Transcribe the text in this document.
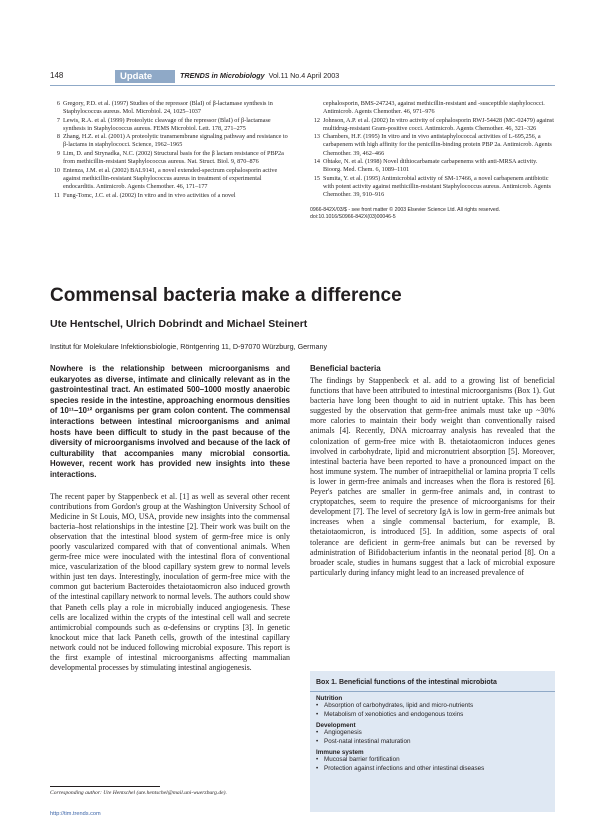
148	Update	TRENDS in Microbiology Vol.11 No.4 April 2003
6 Gregory, P.D. et al. (1997) Studies of the repressor (BlaI) of β-lactamase synthesis in Staphylococcus aureus. Mol. Microbiol. 24, 1025–1037
7 Lewis, R.A. et al. (1999) Proteolytic cleavage of the repressor (BlaI) of β-lactamase synthesis in Staphylococcus aureus. FEMS Microbiol. Lett. 178, 271–275
8 Zhang, H.Z. et al. (2001) A proteolytic transmembrane signaling pathway and resistance to β-lactams in staphylococci. Science, 1962–1965
9 Lim, D. and Strynadka, N.C. (2002) Structural basis for the β lactam resistance of PBP2a from methicillin-resistant Staphylococcus aureus. Nat. Struct. Biol. 9, 870–876
10 Entenza, J.M. et al. (2002) BAL9141, a novel extended-spectrum cephalosporin active against methicillin-resistant Staphylococcus aureus in treatment of experimental endocarditis. Antimicrob. Agents Chemother. 46, 171–177
11 Fung-Tomc, J.C. et al. (2002) In vitro and in vivo activities of a novel
cephalosporin, BMS-247243, against methicillin-resistant and -susceptible staphylococci. Antimicrob. Agents Chemother. 46, 971–976
12 Johnson, A.P. et al. (2002) In vitro activity of cephalosporin RWJ-54428 (MC-02479) against multidrug-resistant Gram-positive cocci. Antimicrob. Agents Chemother. 46, 321–326
13 Chambers, H.F. (1995) In vitro and in vivo antistaphylococcal activities of L-695,256, a carbapenem with high affinity for the penicillin-binding protein PBP 2a. Antimicrob. Agents Chemother. 39, 462–466
14 Ohtake, N. et al. (1998) Novel dithiocarbamate carbapenems with anti-MRSA activity. Bioorg. Med. Chem. 6, 1089–1101
15 Sumita, Y. et al. (1995) Antimicrobial activity of SM-17466, a novel carbapenem antibiotic with potent activity against methicillin-resistant Staphylococcus aureus. Antimicrob. Agents Chemother. 39, 910–916
0966-842X/03/$ - see front matter © 2003 Elsevier Science Ltd. All rights reserved.
doi:10.1016/S0966-842X(03)00046-5
Commensal bacteria make a difference
Ute Hentschel, Ulrich Dobrindt and Michael Steinert
Institut für Molekulare Infektionsbiologie, Röntgenring 11, D-97070 Würzburg, Germany

Nowhere is the relationship between microorganisms and eukaryotes as diverse, intimate and clinically relevant as in the gastrointestinal tract. An estimated 500–1000 mostly anaerobic species reside in the intestine, approaching enormous densities of 10¹¹–10¹² organisms per gram colon content. The commensal interactions between intestinal microorganisms and animal hosts have been difficult to study in the past because of the diversity of microorganisms involved and because of the lack of culturability that accompanies many microbial consortia. However, recent work has provided new insights into these interactions.

The recent paper by Stappenbeck et al. [1] as well as several other recent contributions from Gordon's group at the Washington University School of Medicine in St Louis, MO, USA, provide new insights into the commensal bacteria–host relationships in the intestine [2]. Their work was built on the observation that the intestinal blood system of germ-free mice is only poorly vascularized compared with that of conventional animals. When germ-free mice were inoculated with the intestinal flora of conventional mice, vascularization of the blood capillary system grew to normal levels within just ten days. Interestingly, inoculation of germ-free mice with the common gut bacterium Bacteroides thetaiotaomicron also induced growth of the intestinal capillary network to normal levels. The authors could show that Paneth cells play a role in microbially induced angiogenesis. These cells are localized within the crypts of the intestinal cell wall and secrete antimicrobial compounds such as α-defensins or cryptins [3]. In genetic knockout mice that lack Paneth cells, growth of the intestinal capillary network could not be induced following microbial exposure. This report is the first example of intestinal microorganisms affecting mammalian developmental processes by stimulating intestinal angiogenesis.

Beneficial bacteria

The findings by Stappenbeck et al. add to a growing list of beneficial functions that have been attributed to intestinal microorganisms (Box 1). Gut bacteria have long been thought to aid in nutrient uptake. This has been suggested by the observation that germ-free animals must take up ~30% more calories to maintain their body weight than conventionally raised animals [4]. Recently, DNA microarray analysis has revealed that the colonization of germ-free mice with B. thetaiotaomicron induces genes involved in carbohydrate, lipid and micronutrient absorption [5]. Moreover, intestinal bacteria have been reported to have a pronounced impact on the host immune system. The number of intraepithelial or lamina propria T cells is lower in germ-free animals and increases when the flora is restored [6]. Peyer's patches are smaller in germ-free animals and, in contrast to cryptopatches, seem to require the presence of microorganisms for their development [7]. The level of secretory IgA is low in germ-free animals but increases when a single commensal bacterium, for example, B. thetaiotaomicron, is introduced [5]. In addition, some aspects of oral tolerance are deficient in germ-free animals but can be reversed by administration of Bifidobacterium infantis in the neonatal period [8]. On a broader scale, studies in humans suggest that a lack of microbial exposure particularly during infancy might lead to an increased prevalence of

Box 1. Beneficial functions of the intestinal microbiota
Nutrition
• Absorption of carbohydrates, lipid and micro-nutrients
• Metabolism of xenobiotics and endogenous toxins
Development
• Angiogenesis
• Post-natal intestinal maturation
Immune system
• Mucosal barrier fortification
• Protection against infections and other intestinal diseases
Corresponding author: Ute Hentschel (ute.hentschel@mail.uni-wuerzburg.de).
http://tim.trends.com
